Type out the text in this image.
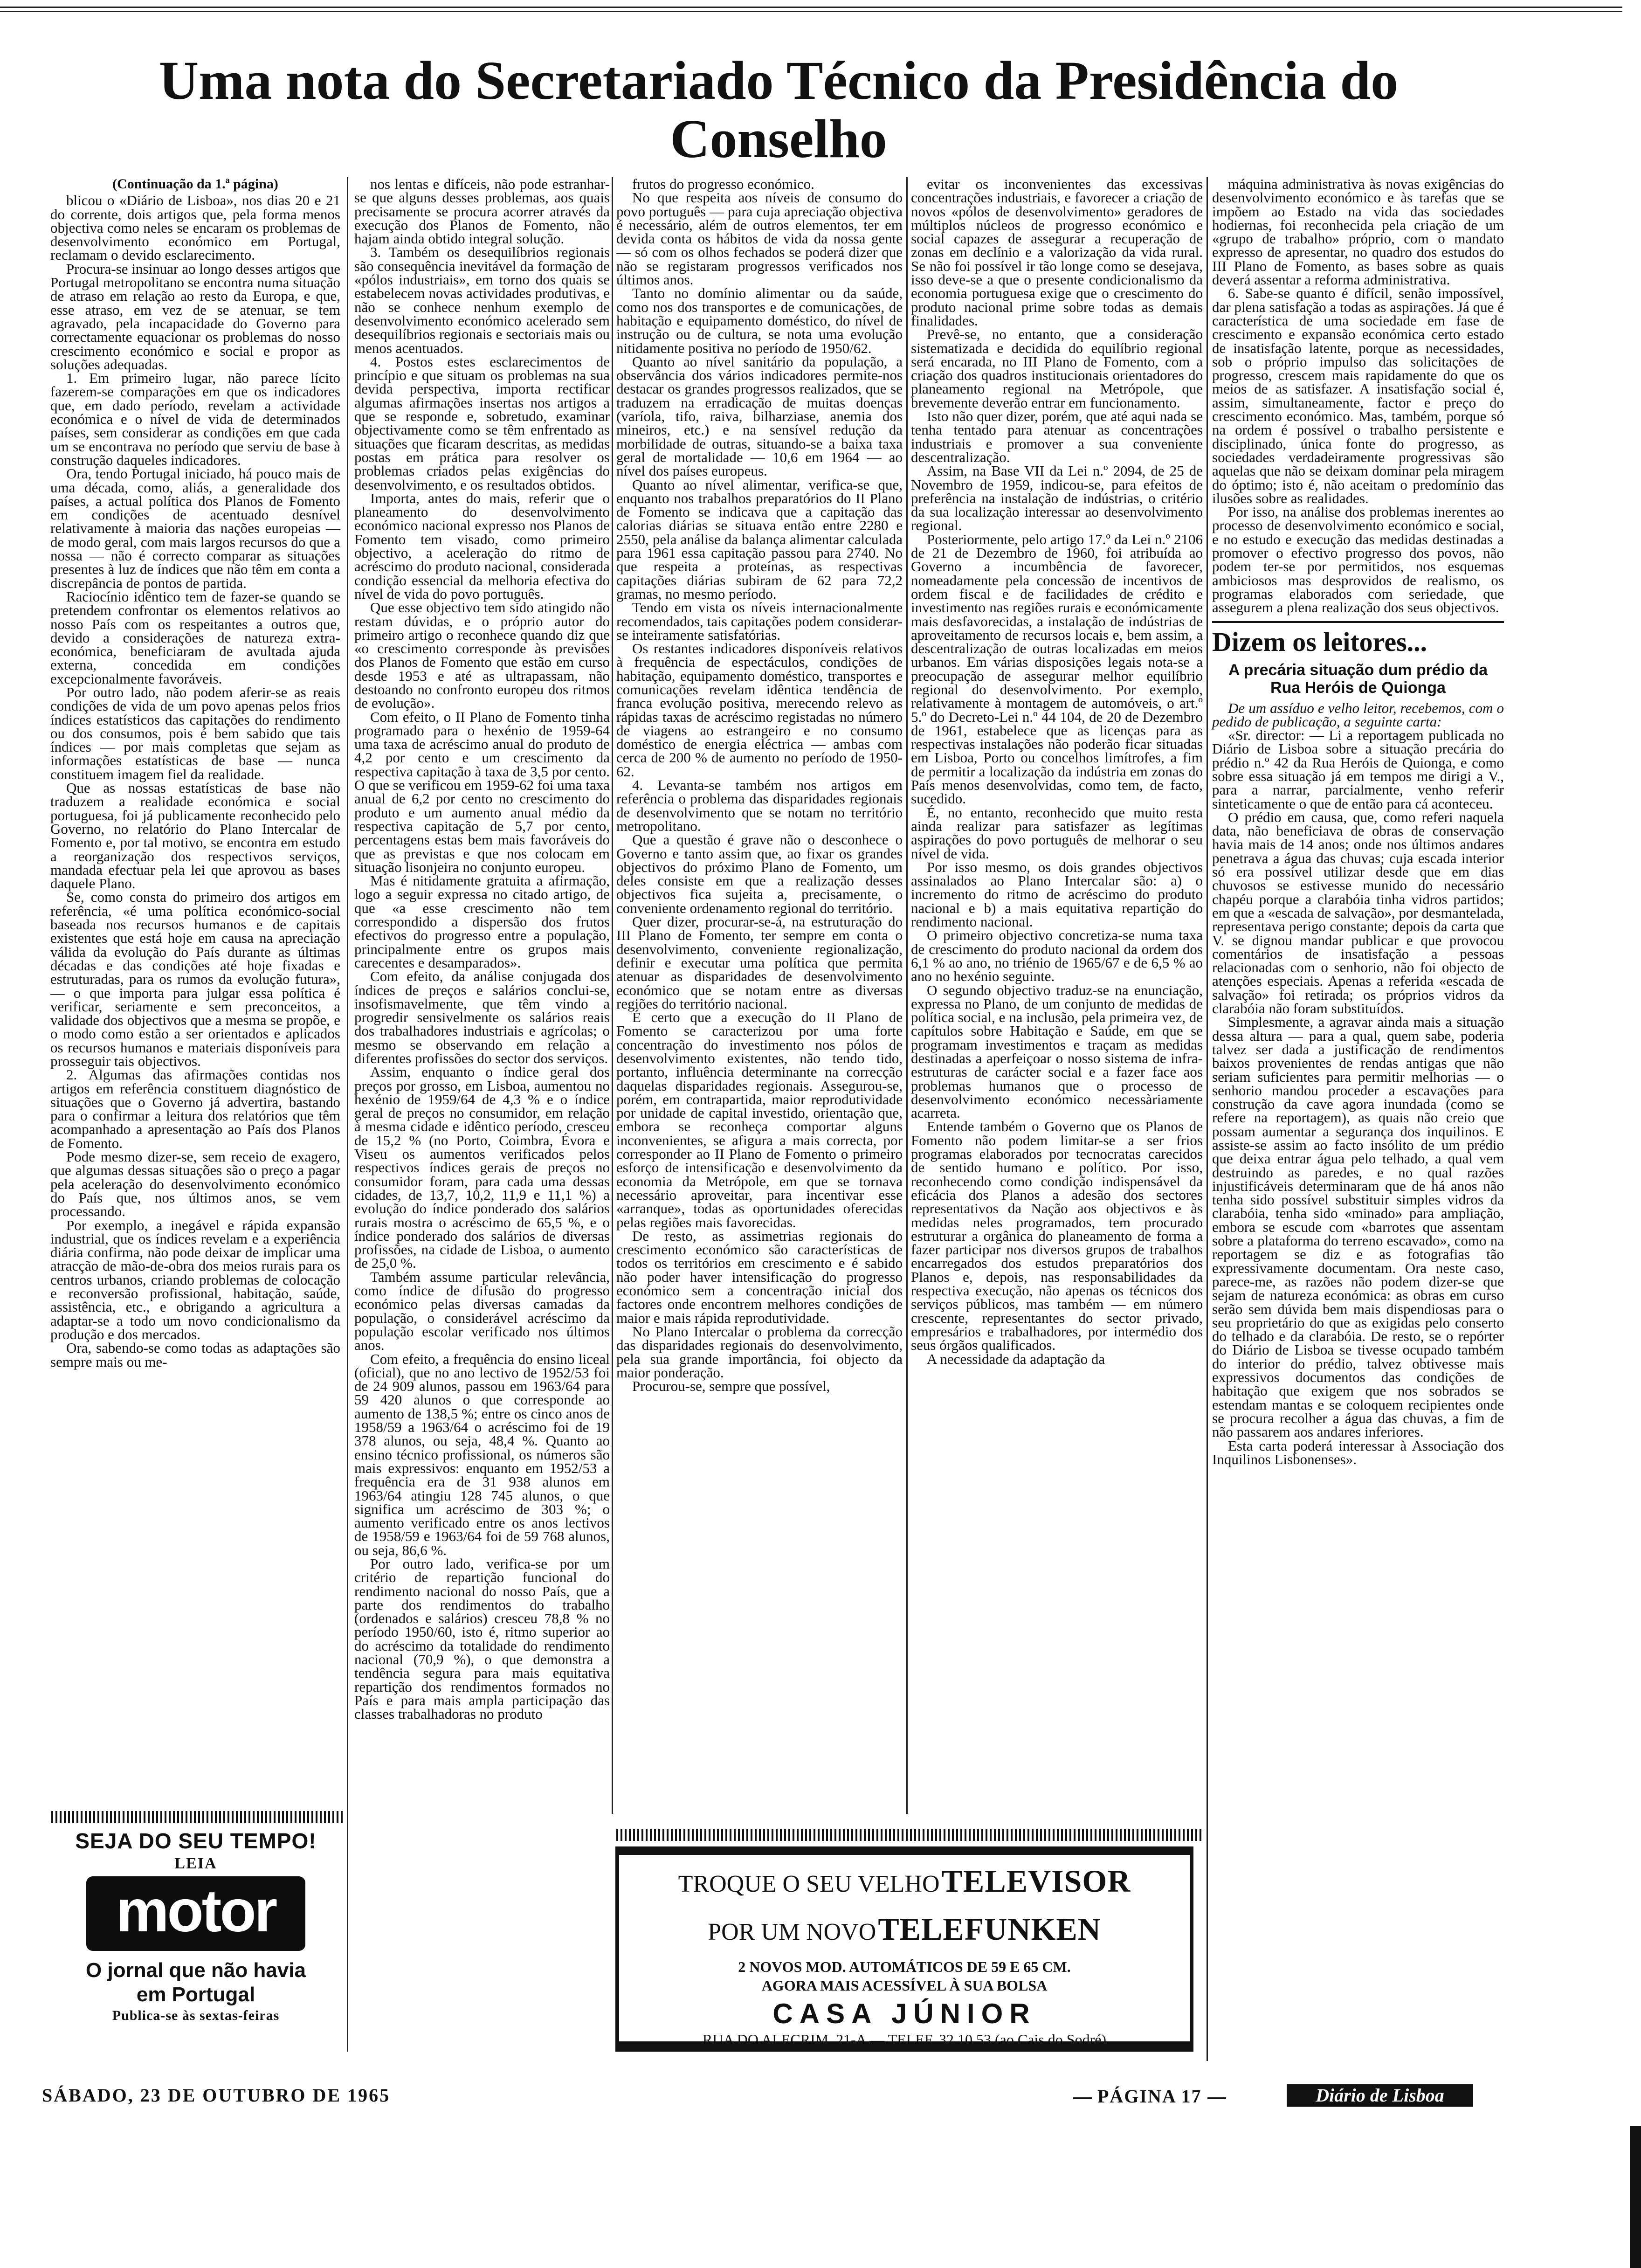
Uma nota do Secretariado Técnico da Presidência do Conselho

(Continuação da 1.ª página)

blicou o «Diário de Lisboa», nos dias 20 e 21 do corrente, dois artigos que, pela forma menos objectiva como neles se encaram os problemas de desenvolvimento económico em Portugal, reclamam o devido esclarecimento.

Procura-se insinuar ao longo desses artigos que Portugal metropolitano se encontra numa situação de atraso em relação ao resto da Europa, e que, esse atraso, em vez de se atenuar, se tem agravado, pela incapacidade do Governo para correctamente equacionar os problemas do nosso crescimento económico e social e propor as soluções adequadas.

1. Em primeiro lugar, não parece lícito fazerem-se comparações em que os indicadores que, em dado período, revelam a actividade económica e o nível de vida de determinados países, sem considerar as condições em que cada um se encontrava no período que serviu de base à construção daqueles indicadores.

Ora, tendo Portugal iniciado, há pouco mais de uma década, como, aliás, a generalidade dos países, a actual política dos Planos de Fomento em condições de acentuado desnível relativamente à maioria das nações europeias — de modo geral, com mais largos recursos do que a nossa — não é correcto comparar as situações presentes à luz de índices que não têm em conta a discrepância de pontos de partida.

Raciocínio idêntico tem de fazer-se quando se pretendem confrontar os elementos relativos ao nosso País com os respeitantes a outros que, devido a considerações de natureza extra-económica, beneficiaram de avultada ajuda externa, concedida em condições excepcionalmente favoráveis.

Por outro lado, não podem aferir-se as reais condições de vida de um povo apenas pelos frios índices estatísticos das capitações do rendimento ou dos consumos, pois é bem sabido que tais índices — por mais completas que sejam as informações estatísticas de base — nunca constituem imagem fiel da realidade.

Que as nossas estatísticas de base não traduzem a realidade económica e social portuguesa, foi já publicamente reconhecido pelo Governo, no relatório do Plano Intercalar de Fomento e, por tal motivo, se encontra em estudo a reorganização dos respectivos serviços, mandada efectuar pela lei que aprovou as bases daquele Plano.

Se, como consta do primeiro dos artigos em referência, «é uma política económico-social baseada nos recursos humanos e de capitais existentes que está hoje em causa na apreciação válida da evolução do País durante as últimas décadas e das condições até hoje fixadas e estruturadas, para os rumos da evolução futura», — o que importa para julgar essa política é verificar, seriamente e sem preconceitos, a validade dos objectivos que a mesma se propõe, e o modo como estão a ser orientados e aplicados os recursos humanos e materiais disponíveis para prosseguir tais objectivos.

2. Algumas das afirmações contidas nos artigos em referência constituem diagnóstico de situações que o Governo já advertira, bastando para o confirmar a leitura dos relatórios que têm acompanhado a apresentação ao País dos Planos de Fomento.

Pode mesmo dizer-se, sem receio de exagero, que algumas dessas situações são o preço a pagar pela aceleração do desenvolvimento económico do País que, nos últimos anos, se vem processando.

Por exemplo, a inegável e rápida expansão industrial, que os índices revelam e a experiência diária confirma, não pode deixar de implicar uma atracção de mão-de-obra dos meios rurais para os centros urbanos, criando problemas de colocação e reconversão profissional, habitação, saúde, assistência, etc., e obrigando a agricultura a adaptar-se a todo um novo condicionalismo da produção e dos mercados.

Ora, sabendo-se como todas as adaptações são sempre mais ou me-

nos lentas e difíceis, não pode estranhar-se que alguns desses problemas, aos quais precisamente se procura acorrer através da execução dos Planos de Fomento, não hajam ainda obtido integral solução.

3. Também os desequilíbrios regionais são consequência inevitável da formação de «pólos industriais», em torno dos quais se estabelecem novas actividades produtivas, e não se conhece nenhum exemplo de desenvolvimento económico acelerado sem desequilíbrios regionais e sectoriais mais ou menos acentuados.

4. Postos estes esclarecimentos de princípio e que situam os problemas na sua devida perspectiva, importa rectificar algumas afirmações insertas nos artigos a que se responde e, sobretudo, examinar objectivamente como se têm enfrentado as situações que ficaram descritas, as medidas postas em prática para resolver os problemas criados pelas exigências do desenvolvimento, e os resultados obtidos.

Importa, antes do mais, referir que o planeamento do desenvolvimento económico nacional expresso nos Planos de Fomento tem visado, como primeiro objectivo, a aceleração do ritmo de acréscimo do produto nacional, considerada condição essencial da melhoria efectiva do nível de vida do povo português.

Que esse objectivo tem sido atingido não restam dúvidas, e o próprio autor do primeiro artigo o reconhece quando diz que «o crescimento corresponde às previsões dos Planos de Fomento que estão em curso desde 1953 e até as ultrapassam, não destoando no confronto europeu dos ritmos de evolução».

Com efeito, o II Plano de Fomento tinha programado para o hexénio de 1959-64 uma taxa de acréscimo anual do produto de 4,2 por cento e um crescimento da respectiva capitação à taxa de 3,5 por cento. O que se verificou em 1959-62 foi uma taxa anual de 6,2 por cento no crescimento do produto e um aumento anual médio da respectiva capitação de 5,7 por cento, percentagens estas bem mais favoráveis do que as previstas e que nos colocam em situação lisonjeira no conjunto europeu.

Mas é nitidamente gratuita a afirmação, logo a seguir expressa no citado artigo, de que «a esse crescimento não tem correspondido a dispersão dos frutos efectivos do progresso entre a população, principalmente entre os grupos mais carecentes e desamparados».

Com efeito, da análise conjugada dos índices de preços e salários conclui-se, insofismavelmente, que têm vindo a progredir sensivelmente os salários reais dos trabalhadores industriais e agrícolas; o mesmo se observando em relação a diferentes profissões do sector dos serviços.

Assim, enquanto o índice geral dos preços por grosso, em Lisboa, aumentou no hexénio de 1959/64 de 4,3 % e o índice geral de preços no consumidor, em relação à mesma cidade e idêntico período, cresceu de 15,2 % (no Porto, Coimbra, Évora e Viseu os aumentos verificados pelos respectivos índices gerais de preços no consumidor foram, para cada uma dessas cidades, de 13,7, 10,2, 11,9 e 11,1 %) a evolução do índice ponderado dos salários rurais mostra o acréscimo de 65,5 %, e o índice ponderado dos salários de diversas profissões, na cidade de Lisboa, o aumento de 25,0 %.

Também assume particular relevância, como índice de difusão do progresso económico pelas diversas camadas da população, o considerável acréscimo da população escolar verificado nos últimos anos.

Com efeito, a frequência do ensino liceal (oficial), que no ano lectivo de 1952/53 foi de 24 909 alunos, passou em 1963/64 para 59 420 alunos o que corresponde ao aumento de 138,5 %; entre os cinco anos de 1958/59 a 1963/64 o acréscimo foi de 19 378 alunos, ou seja, 48,4 %. Quanto ao ensino técnico profissional, os números são mais expressivos: enquanto em 1952/53 a frequência era de 31 938 alunos em 1963/64 atingiu 128 745 alunos, o que significa um acréscimo de 303 %; o aumento verificado entre os anos lectivos de 1958/59 e 1963/64 foi de 59 768 alunos, ou seja, 86,6 %.

Por outro lado, verifica-se por um critério de repartição funcional do rendimento nacional do nosso País, que a parte dos rendimentos do trabalho (ordenados e salários) cresceu 78,8 % no período 1950/60, isto é, ritmo superior ao do acréscimo da totalidade do rendimento nacional (70,9 %), o que demonstra a tendência segura para mais equitativa repartição dos rendimentos formados no País e para mais ampla participação das classes trabalhadoras no produto

frutos do progresso económico.

No que respeita aos níveis de consumo do povo português — para cuja apreciação objectiva é necessário, além de outros elementos, ter em devida conta os hábitos de vida da nossa gente — só com os olhos fechados se poderá dizer que não se registaram progressos verificados nos últimos anos.

Tanto no domínio alimentar ou da saúde, como nos dos transportes e de comunicações, de habitação e equipamento doméstico, do nível de instrução ou de cultura, se nota uma evolução nitidamente positiva no período de 1950/62.

Quanto ao nível sanitário da população, a observância dos vários indicadores permite-nos destacar os grandes progressos realizados, que se traduzem na erradicação de muitas doenças (varíola, tifo, raiva, bilharziase, anemia dos mineiros, etc.) e na sensível redução da morbilidade de outras, situando-se a baixa taxa geral de mortalidade — 10,6 em 1964 — ao nível dos países europeus.

Quanto ao nível alimentar, verifica-se que, enquanto nos trabalhos preparatórios do II Plano de Fomento se indicava que a capitação das calorias diárias se situava então entre 2280 e 2550, pela análise da balança alimentar calculada para 1961 essa capitação passou para 2740. No que respeita a proteínas, as respectivas capitações diárias subiram de 62 para 72,2 gramas, no mesmo período.

Tendo em vista os níveis internacionalmente recomendados, tais capitações podem considerar-se inteiramente satisfatórias.

Os restantes indicadores disponíveis relativos à frequência de espectáculos, condições de habitação, equipamento doméstico, transportes e comunicações revelam idêntica tendência de franca evolução positiva, merecendo relevo as rápidas taxas de acréscimo registadas no número de viagens ao estrangeiro e no consumo doméstico de energia eléctrica — ambas com cerca de 200 % de aumento no período de 1950-62.

4. Levanta-se também nos artigos em referência o problema das disparidades regionais de desenvolvimento que se notam no território metropolitano.

Que a questão é grave não o desconhece o Governo e tanto assim que, ao fixar os grandes objectivos do próximo Plano de Fomento, um deles consiste em que a realização desses objectivos fica sujeita a, precisamente, o conveniente ordenamento regional do território.

Quer dizer, procurar-se-á, na estruturação do III Plano de Fomento, ter sempre em conta o desenvolvimento, conveniente regionalização, definir e executar uma política que permita atenuar as disparidades de desenvolvimento económico que se notam entre as diversas regiões do território nacional.

É certo que a execução do II Plano de Fomento se caracterizou por uma forte concentração do investimento nos pólos de desenvolvimento existentes, não tendo tido, portanto, influência determinante na correcção daquelas disparidades regionais. Assegurou-se, porém, em contrapartida, maior reprodutividade por unidade de capital investido, orientação que, embora se reconheça comportar alguns inconvenientes, se afigura a mais correcta, por corresponder ao II Plano de Fomento o primeiro esforço de intensificação e desenvolvimento da economia da Metrópole, em que se tornava necessário aproveitar, para incentivar esse «arranque», todas as oportunidades oferecidas pelas regiões mais favorecidas.

De resto, as assimetrias regionais do crescimento económico são características de todos os territórios em crescimento e é sabido não poder haver intensificação do progresso económico sem a concentração inicial dos factores onde encontrem melhores condições de maior e mais rápida reprodutividade.

No Plano Intercalar o problema da correcção das disparidades regionais do desenvolvimento, pela sua grande importância, foi objecto da maior ponderação.

Procurou-se, sempre que possível,

evitar os inconvenientes das excessivas concentrações industriais, e favorecer a criação de novos «pólos de desenvolvimento» geradores de múltiplos núcleos de progresso económico e social capazes de assegurar a recuperação de zonas em declínio e a valorização da vida rural. Se não foi possível ir tão longe como se desejava, isso deve-se a que o presente condicionalismo da economia portuguesa exige que o crescimento do produto nacional prime sobre todas as demais finalidades.

Prevê-se, no entanto, que a consideração sistematizada e decidida do equilíbrio regional será encarada, no III Plano de Fomento, com a criação dos quadros institucionais orientadores do planeamento regional na Metrópole, que brevemente deverão entrar em funcionamento.

Isto não quer dizer, porém, que até aqui nada se tenha tentado para atenuar as concentrações industriais e promover a sua conveniente descentralização.

Assim, na Base VII da Lei n.º 2094, de 25 de Novembro de 1959, indicou-se, para efeitos de preferência na instalação de indústrias, o critério da sua localização interessar ao desenvolvimento regional.

Posteriormente, pelo artigo 17.º da Lei n.º 2106 de 21 de Dezembro de 1960, foi atribuída ao Governo a incumbência de favorecer, nomeadamente pela concessão de incentivos de ordem fiscal e de facilidades de crédito e investimento nas regiões rurais e económicamente mais desfavorecidas, a instalação de indústrias de aproveitamento de recursos locais e, bem assim, a descentralização de outras localizadas em meios urbanos. Em várias disposições legais nota-se a preocupação de assegurar melhor equilíbrio regional do desenvolvimento. Por exemplo, relativamente à montagem de automóveis, o art.º 5.º do Decreto-Lei n.º 44 104, de 20 de Dezembro de 1961, estabelece que as licenças para as respectivas instalações não poderão ficar situadas em Lisboa, Porto ou concelhos limítrofes, a fim de permitir a localização da indústria em zonas do País menos desenvolvidas, como tem, de facto, sucedido.

É, no entanto, reconhecido que muito resta ainda realizar para satisfazer as legítimas aspirações do povo português de melhorar o seu nível de vida.

Por isso mesmo, os dois grandes objectivos assinalados ao Plano Intercalar são: a) o incremento do ritmo de acréscimo do produto nacional e b) a mais equitativa repartição do rendimento nacional.

O primeiro objectivo concretiza-se numa taxa de crescimento do produto nacional da ordem dos 6,1 % ao ano, no triénio de 1965/67 e de 6,5 % ao ano no hexénio seguinte.

O segundo objectivo traduz-se na enunciação, expressa no Plano, de um conjunto de medidas de política social, e na inclusão, pela primeira vez, de capítulos sobre Habitação e Saúde, em que se programam investimentos e traçam as medidas destinadas a aperfeiçoar o nosso sistema de infra-estruturas de carácter social e a fazer face aos problemas humanos que o processo de desenvolvimento económico necessàriamente acarreta.

Entende também o Governo que os Planos de Fomento não podem limitar-se a ser frios programas elaborados por tecnocratas carecidos de sentido humano e político. Por isso, reconhecendo como condição indispensável da eficácia dos Planos a adesão dos sectores representativos da Nação aos objectivos e às medidas neles programados, tem procurado estruturar a orgânica do planeamento de forma a fazer participar nos diversos grupos de trabalhos encarregados dos estudos preparatórios dos Planos e, depois, nas responsabilidades da respectiva execução, não apenas os técnicos dos serviços públicos, mas também — em número crescente, representantes do sector privado, empresários e trabalhadores, por intermédio dos seus órgãos qualificados.

A necessidade da adaptação da

máquina administrativa às novas exigências do desenvolvimento económico e às tarefas que se impõem ao Estado na vida das sociedades hodiernas, foi reconhecida pela criação de um «grupo de trabalho» próprio, com o mandato expresso de apresentar, no quadro dos estudos do III Plano de Fomento, as bases sobre as quais deverá assentar a reforma administrativa.

6. Sabe-se quanto é difícil, senão impossível, dar plena satisfação a todas as aspirações. Já que é característica de uma sociedade em fase de crescimento e expansão económica certo estado de insatisfação latente, porque as necessidades, sob o próprio impulso das solicitações de progresso, crescem mais rapidamente do que os meios de as satisfazer. A insatisfação social é, assim, simultaneamente, factor e preço do crescimento económico. Mas, também, porque só na ordem é possível o trabalho persistente e disciplinado, única fonte do progresso, as sociedades verdadeiramente progressivas são aquelas que não se deixam dominar pela miragem do óptimo; isto é, não aceitam o predomínio das ilusões sobre as realidades.

Por isso, na análise dos problemas inerentes ao processo de desenvolvimento económico e social, e no estudo e execução das medidas destinadas a promover o efectivo progresso dos povos, não podem ter-se por permitidos, nos esquemas ambiciosos mas desprovidos de realismo, os programas elaborados com seriedade, que assegurem a plena realização dos seus objectivos.

Dizem os leitores...

A precária situação dum prédio da Rua Heróis de Quionga

De um assíduo e velho leitor, recebemos, com o pedido de publicação, a seguinte carta:

«Sr. director: — Li a reportagem publicada no Diário de Lisboa sobre a situação precária do prédio n.º 42 da Rua Heróis de Quionga, e como sobre essa situação já em tempos me dirigi a V., para a narrar, parcialmente, venho referir sinteticamente o que de então para cá aconteceu.

O prédio em causa, que, como referi naquela data, não beneficiava de obras de conservação havia mais de 14 anos; onde nos últimos andares penetrava a água das chuvas; cuja escada interior só era possível utilizar desde que em dias chuvosos se estivesse munido do necessário chapéu porque a clarabóia tinha vidros partidos; em que a «escada de salvação», por desmantelada, representava perigo constante; depois da carta que V. se dignou mandar publicar e que provocou comentários de insatisfação a pessoas relacionadas com o senhorio, não foi objecto de atenções especiais. Apenas a referida «escada de salvação» foi retirada; os próprios vidros da clarabóia não foram substituídos.

Simplesmente, a agravar ainda mais a situação dessa altura — para a qual, quem sabe, poderia talvez ser dada a justificação de rendimentos baixos provenientes de rendas antigas que não seriam suficientes para permitir melhorias — o senhorio mandou proceder a escavações para construção da cave agora inundada (como se refere na reportagem), as quais não creio que possam aumentar a segurança dos inquilinos. E assiste-se assim ao facto insólito de um prédio que deixa entrar água pelo telhado, a qual vem destruindo as paredes, e no qual razões injustificáveis determinaram que de há anos não tenha sido possível substituir simples vidros da clarabóia, tenha sido «minado» para ampliação, embora se escude com «barrotes que assentam sobre a plataforma do terreno escavado», como na reportagem se diz e as fotografias tão expressivamente documentam. Ora neste caso, parece-me, as razões não podem dizer-se que sejam de natureza económica: as obras em curso serão sem dúvida bem mais dispendiosas para o seu proprietário do que as exigidas pelo conserto do telhado e da clarabóia. De resto, se o repórter do Diário de Lisboa se tivesse ocupado também do interior do prédio, talvez obtivesse mais expressivos documentos das condições de habitação que exigem que nos sobrados se estendam mantas e se coloquem recipientes onde se procura recolher a água das chuvas, a fim de não passarem aos andares inferiores.

Esta carta poderá interessar à Associação dos Inquilinos Lisbonenses».

SEJA DO SEU TEMPO!
LEIA
motor
O jornal que não havia
em Portugal
Publica-se às sextas-feiras
TROQUE O SEU VELHO TELEVISOR
POR UM NOVO TELEFUNKEN
2 NOVOS MOD. AUTOMÁTICOS DE 59 E 65 CM.
AGORA MAIS ACESSÍVEL À SUA BOLSA
CASA JÚNIOR
RUA DO ALECRIM, 21-A — TELEF. 32 10 53 (ao Cais do Sodré)
SÁBADO, 23 DE OUTUBRO DE 1965	PÁGINA 17	Diário de Lisboa
